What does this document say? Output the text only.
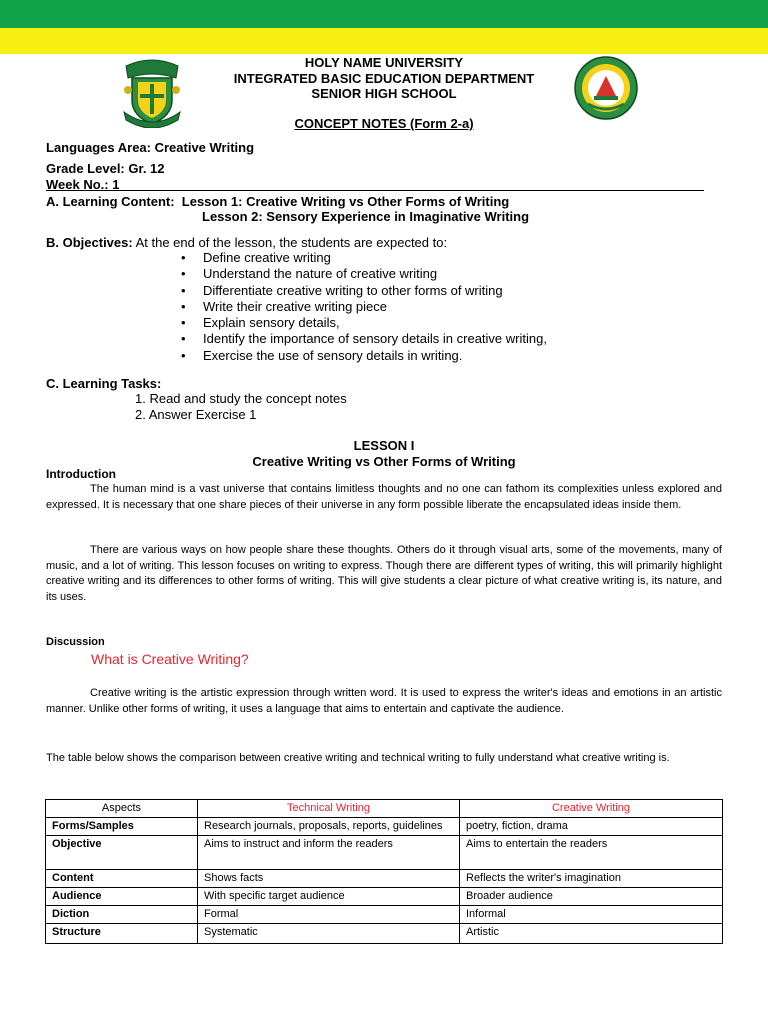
HOLY NAME UNIVERSITY
INTEGRATED BASIC EDUCATION DEPARTMENT
SENIOR HIGH SCHOOL
CONCEPT NOTES (Form 2-a)
Languages Area: Creative Writing
Grade Level: Gr. 12
Week No.: 1
A. Learning Content: Lesson 1: Creative Writing vs Other Forms of Writing
Lesson 2: Sensory Experience in Imaginative Writing
B. Objectives: At the end of the lesson, the students are expected to:
• Define creative writing
• Understand the nature of creative writing
• Differentiate creative writing to other forms of writing
• Write their creative writing piece
• Explain sensory details,
• Identify the importance of sensory details in creative writing,
• Exercise the use of sensory details in writing.
C. Learning Tasks:
1. Read and study the concept notes
2. Answer Exercise 1
LESSON I
Creative Writing vs Other Forms of Writing
Introduction

The human mind is a vast universe that contains limitless thoughts and no one can fathom its complexities unless explored and expressed. It is necessary that one share pieces of their universe in any form possible liberate the encapsulated ideas inside them.

There are various ways on how people share these thoughts. Others do it through visual arts, some of the movements, many of music, and a lot of writing. This lesson focuses on writing to express. Though there are different types of writing, this will primarily highlight creative writing and its differences to other forms of writing. This will give students a clear picture of what creative writing is, its nature, and its uses.

Discussion
What is Creative Writing?

Creative writing is the artistic expression through written word. It is used to express the writer's ideas and emotions in an artistic manner. Unlike other forms of writing, it uses a language that aims to entertain and captivate the audience.

The table below shows the comparison between creative writing and technical writing to fully understand what creative writing is.

Aspects	Technical Writing	Creative Writing
Forms/Samples	Research journals, proposals, reports, guidelines	poetry, fiction, drama
Objective	Aims to instruct and inform the readers	Aims to entertain the readers
Content	Shows facts	Reflects the writer's imagination
Audience	With specific target audience	Broader audience
Diction	Formal	Informal
Structure	Systematic	Artistic
